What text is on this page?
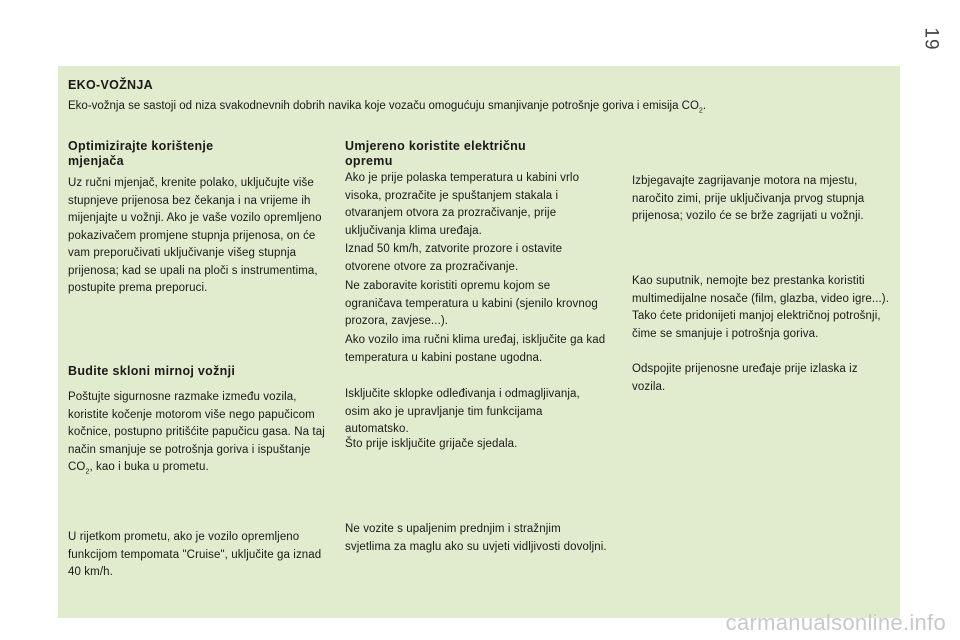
19
EKO-VOŽNJA
Eko-vožnja se sastoji od niza svakodnevnih dobrih navika koje vozaču omogućuju smanjivanje potrošnje goriva i emisija $CO_2$.
Optimizirajte korištenje
mjenjača
Uz ručni mjenjač, krenite polako, uključujte više stupnjeve prijenosa bez čekanja i na vrijeme ih mijenjajte u vožnji. Ako je vaše vozilo opremljeno pokazivačem promjene stupnja prijenosa, on će vam preporučivati uključivanje višeg stupnja prijenosa; kad se upali na ploči s instrumentima, postupite prema preporuci.
Budite skloni mirnoj vožnji
Poštujte sigurnosne razmake između vozila, koristite kočenje motorom više nego papučicom kočnice, postupno pritišćite papučicu gasa. Na taj način smanjuje se potrošnja goriva i ispuštanje $CO_2$, kao i buka u prometu.
U rijetkom prometu, ako je vozilo opremljeno funkcijom tempomata "Cruise", uključite ga iznad 40 km/h.
Umjereno koristite električnu
opremu
Ako je prije polaska temperatura u kabini vrlo visoka, prozračite je spuštanjem stakala i otvaranjem otvora za prozračivanje, prije uključivanja klima uređaja.
Iznad 50 km/h, zatvorite prozore i ostavite otvorene otvore za prozračivanje.
Ne zaboravite koristiti opremu kojom se ograničava temperatura u kabini (sjenilo krovnog prozora, zavjese...).
Ako vozilo ima ručni klima uređaj, isključite ga kad temperatura u kabini postane ugodna.
Isključite sklopke odleđivanja i odmagljivanja, osim ako je upravljanje tim funkcijama automatsko.
Što prije isključite grijače sjedala.
Ne vozite s upaljenim prednjim i stražnjim svjetlima za maglu ako su uvjeti vidljivosti dovoljni.
Izbjegavajte zagrijavanje motora na mjestu, naročito zimi, prije uključivanja prvog stupnja prijenosa; vozilo će se brže zagrijati u vožnji.
Kao suputnik, nemojte bez prestanka koristiti multimedijalne nosače (film, glazba, video igre...). Tako ćete pridonijeti manjoj električnoj potrošnji, čime se smanjuje i potrošnja goriva.
Odspojite prijenosne uređaje prije izlaska iz vozila.
carmanualsonline.info
